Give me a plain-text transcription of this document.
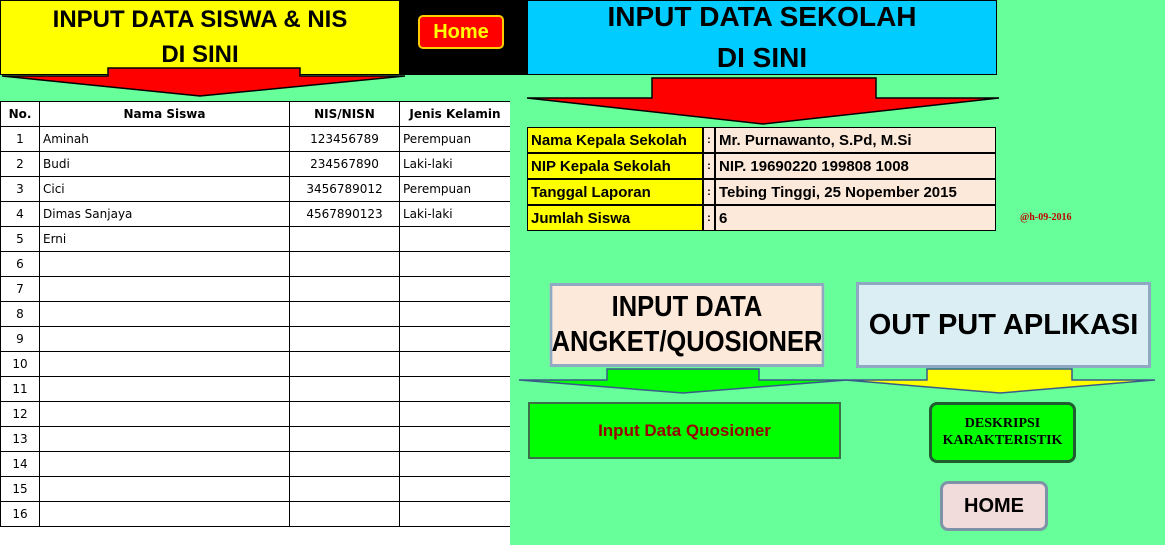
INPUT DATA SISWA & NIS
DI SINI
Home	INPUT DATA SEKOLAH
DI SINI
No.	Nama Siswa	NIS/NISN	Jenis Kelamin
1	Aminah	123456789	Perempuan
2	Budi	234567890	Laki-laki
3	Cici	3456789012	Perempuan
4	Dimas Sanjaya	4567890123	Laki-laki
5	Erni		
6			
7			
8			
9			
10			
11			
12			
13			
14			
15			
16			
Nama Kepala Sekolah	: Mr. Purnawanto, S.Pd, M.Si
NIP Kepala Sekolah	: NIP. 19690220 199808 1008
Tanggal Laporan	: Tebing Tinggi, 25 Nopember 2015
Jumlah Siswa	: 6	@h-09-2016
INPUT DATA
ANGKET/QUOSIONER
OUT PUT APLIKASI
Input Data Quosioner	DESKRIPSI
KARAKTERISTIK
HOME
